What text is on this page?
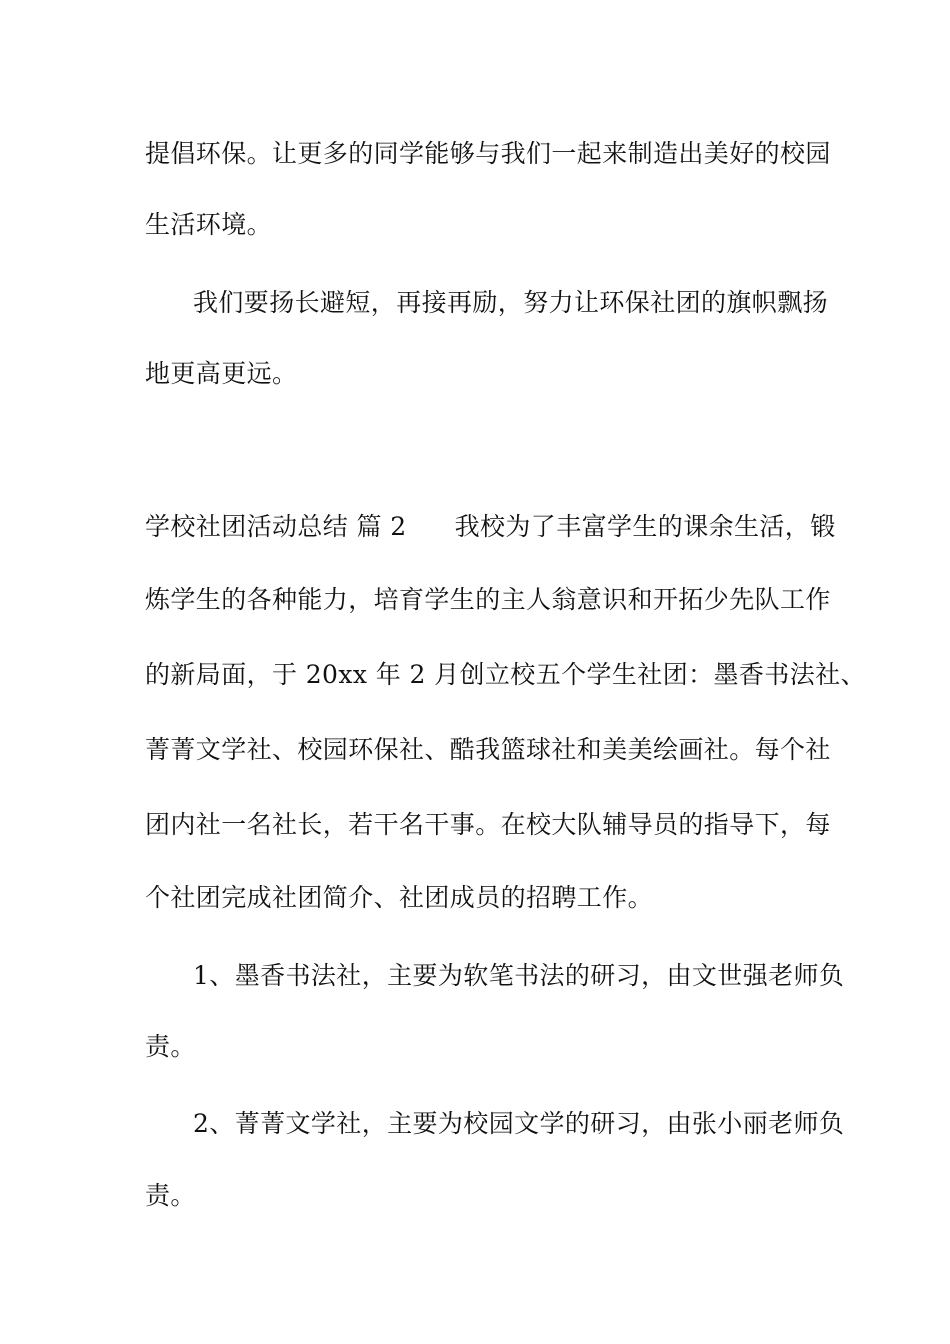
提倡环保。让更多的同学能够与我们一起来制造出美好的校园
生活环境。
我们要扬长避短，再接再励，努力让环保社团的旗帜飘扬
地更高更远。
学校社团活动总结 篇 2 我校为了丰富学生的课余生活，锻
炼学生的各种能力，培育学生的主人翁意识和开拓少先队工作
的新局面，于 20xx 年 2 月创立校五个学生社团：墨香书法社、
菁菁文学社、校园环保社、酷我篮球社和美美绘画社。每个社
团内社一名社长，若干名干事。在校大队辅导员的指导下，每
个社团完成社团简介、社团成员的招聘工作。
1、墨香书法社，主要为软笔书法的研习，由文世强老师负
责。
2、菁菁文学社，主要为校园文学的研习，由张小丽老师负
责。
